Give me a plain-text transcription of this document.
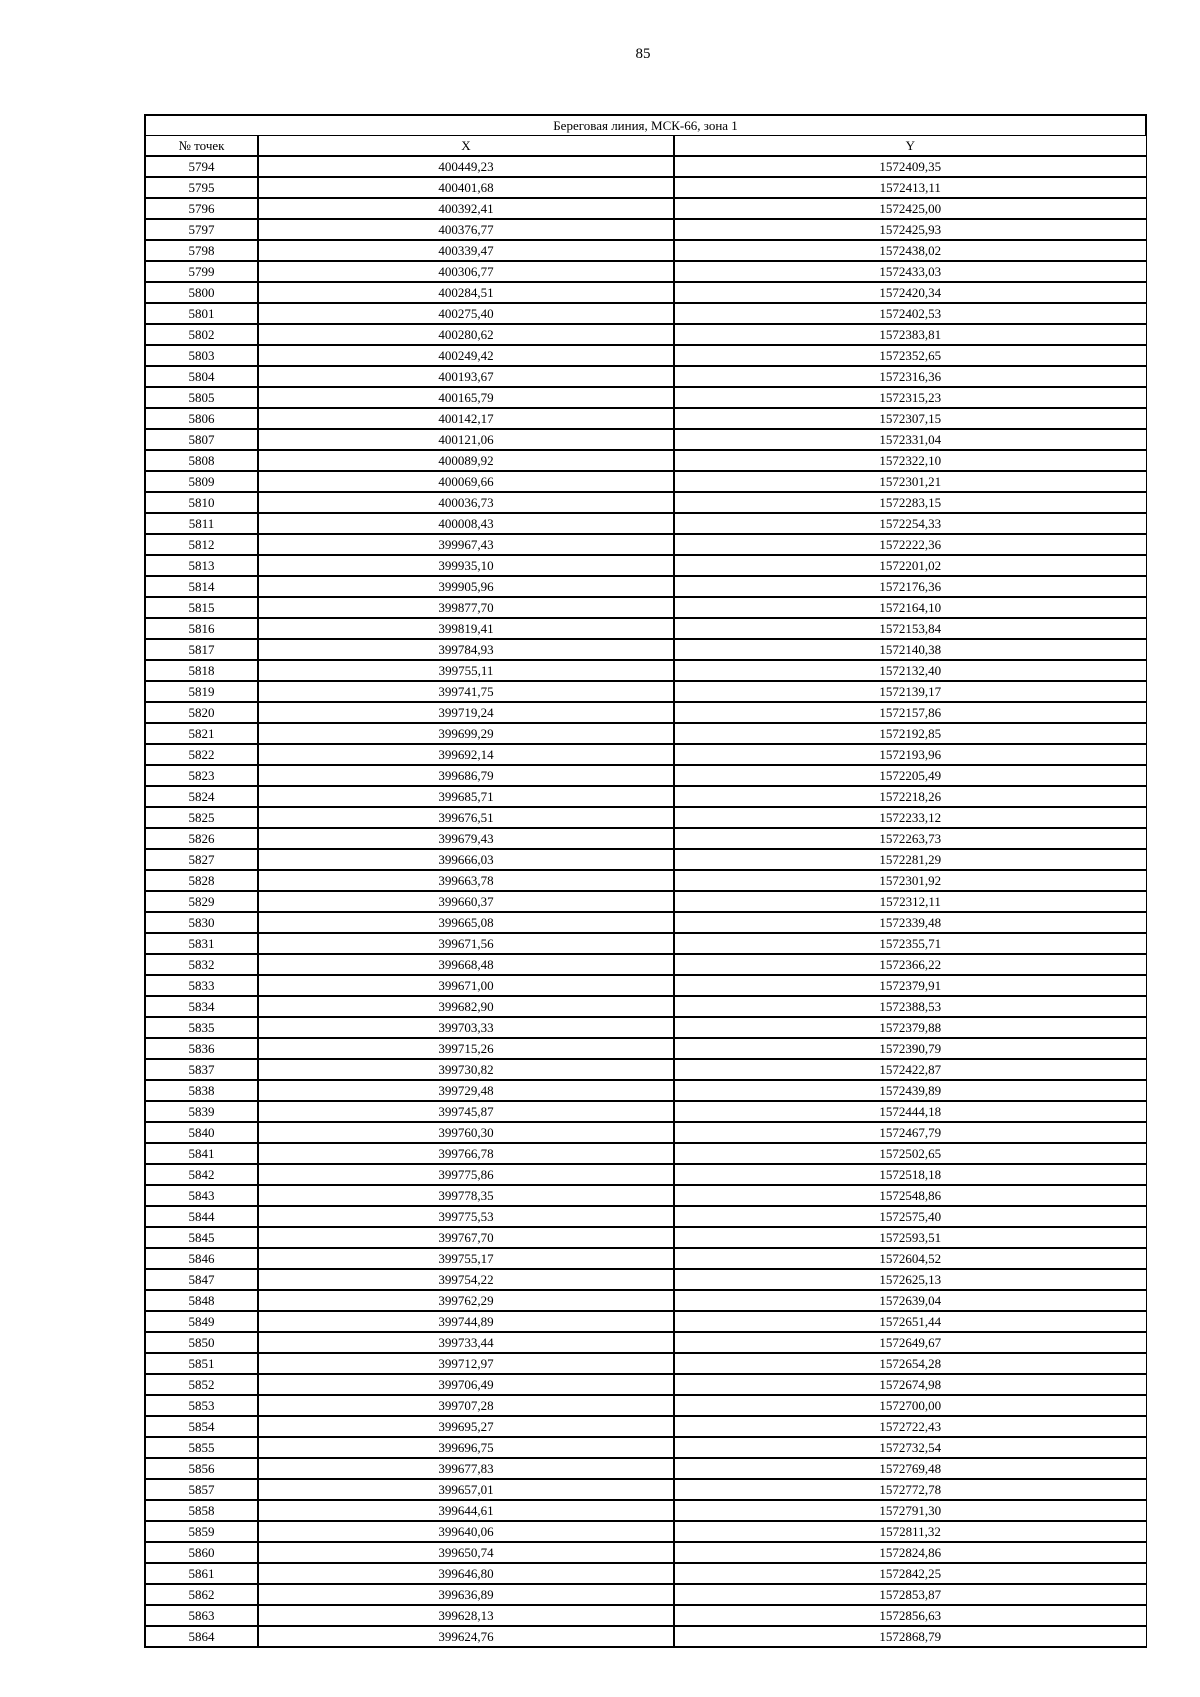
85
Береговая линия, МСК-66, зона 1		
№ точек	X	Y
5794	400449,23	1572409,35
5795	400401,68	1572413,11
5796	400392,41	1572425,00
5797	400376,77	1572425,93
5798	400339,47	1572438,02
5799	400306,77	1572433,03
5800	400284,51	1572420,34
5801	400275,40	1572402,53
5802	400280,62	1572383,81
5803	400249,42	1572352,65
5804	400193,67	1572316,36
5805	400165,79	1572315,23
5806	400142,17	1572307,15
5807	400121,06	1572331,04
5808	400089,92	1572322,10
5809	400069,66	1572301,21
5810	400036,73	1572283,15
5811	400008,43	1572254,33
5812	399967,43	1572222,36
5813	399935,10	1572201,02
5814	399905,96	1572176,36
5815	399877,70	1572164,10
5816	399819,41	1572153,84
5817	399784,93	1572140,38
5818	399755,11	1572132,40
5819	399741,75	1572139,17
5820	399719,24	1572157,86
5821	399699,29	1572192,85
5822	399692,14	1572193,96
5823	399686,79	1572205,49
5824	399685,71	1572218,26
5825	399676,51	1572233,12
5826	399679,43	1572263,73
5827	399666,03	1572281,29
5828	399663,78	1572301,92
5829	399660,37	1572312,11
5830	399665,08	1572339,48
5831	399671,56	1572355,71
5832	399668,48	1572366,22
5833	399671,00	1572379,91
5834	399682,90	1572388,53
5835	399703,33	1572379,88
5836	399715,26	1572390,79
5837	399730,82	1572422,87
5838	399729,48	1572439,89
5839	399745,87	1572444,18
5840	399760,30	1572467,79
5841	399766,78	1572502,65
5842	399775,86	1572518,18
5843	399778,35	1572548,86
5844	399775,53	1572575,40
5845	399767,70	1572593,51
5846	399755,17	1572604,52
5847	399754,22	1572625,13
5848	399762,29	1572639,04
5849	399744,89	1572651,44
5850	399733,44	1572649,67
5851	399712,97	1572654,28
5852	399706,49	1572674,98
5853	399707,28	1572700,00
5854	399695,27	1572722,43
5855	399696,75	1572732,54
5856	399677,83	1572769,48
5857	399657,01	1572772,78
5858	399644,61	1572791,30
5859	399640,06	1572811,32
5860	399650,74	1572824,86
5861	399646,80	1572842,25
5862	399636,89	1572853,87
5863	399628,13	1572856,63
5864	399624,76	1572868,79
